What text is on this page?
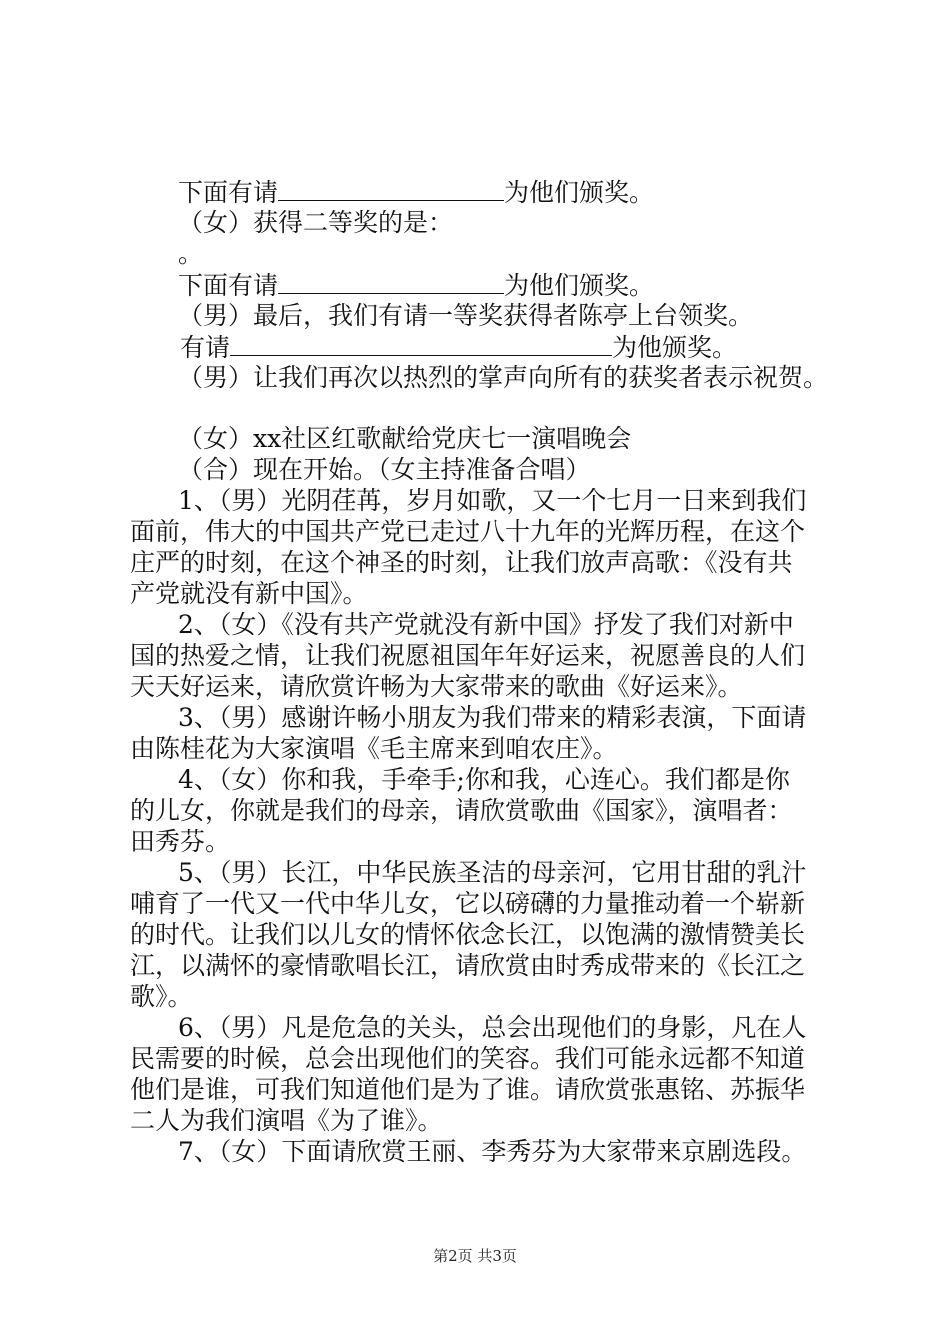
下面有请	为他们颁奖。
（女）获得二等奖的是：
。
下面有请	为他们颁奖。
（男）最后，我们有请一等奖获得者陈亭上台领奖。
有请	为他颁奖。
（男）让我们再次以热烈的掌声向所有的获奖者表示祝贺。
（女）xx社区红歌献给党庆七一演唱晚会
（合）现在开始。（女主持准备合唱）
1、（男）光阴荏苒，岁月如歌，又一个七月一日来到我们
面前，伟大的中国共产党已走过八十九年的光辉历程，在这个
庄严的时刻，在这个神圣的时刻，让我们放声高歌：《没有共
产党就没有新中国》。
2、（女）《没有共产党就没有新中国》抒发了我们对新中
国的热爱之情，让我们祝愿祖国年年好运来，祝愿善良的人们
天天好运来，请欣赏许畅为大家带来的歌曲《好运来》。
3、（男）感谢许畅小朋友为我们带来的精彩表演，下面请
由陈桂花为大家演唱《毛主席来到咱农庄》。
4、（女）你和我，手牵手;你和我，心连心。我们都是你
的儿女，你就是我们的母亲，请欣赏歌曲《国家》，演唱者：
田秀芬。
5、（男）长江，中华民族圣洁的母亲河，它用甘甜的乳汁
哺育了一代又一代中华儿女，它以磅礴的力量推动着一个崭新
的时代。让我们以儿女的情怀依念长江，以饱满的激情赞美长
江，以满怀的豪情歌唱长江，请欣赏由时秀成带来的《长江之
歌》。
6、（男）凡是危急的关头，总会出现他们的身影，凡在人
民需要的时候，总会出现他们的笑容。我们可能永远都不知道
他们是谁，可我们知道他们是为了谁。请欣赏张惠铭、苏振华
二人为我们演唱《为了谁》。
7、（女）下面请欣赏王丽、李秀芬为大家带来京剧选段。
第2页 共3页
